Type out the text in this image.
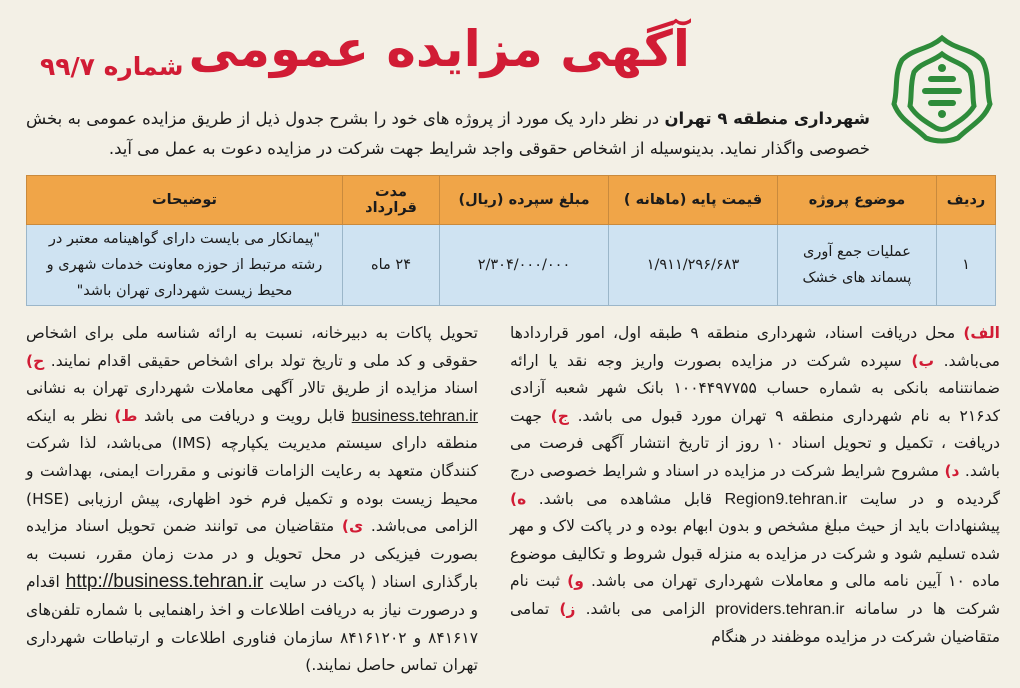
آگهی مزایده عمومی
شماره ۹۹/۷
شهرداری منطقه ۹ تهران در نظر دارد یک مورد از پروژه های خود را بشرح جدول ذیل از طریق مزایده عمومی به بخش خصوصی واگذار نماید. بدینوسیله از اشخاص حقوقی واجد شرایط جهت شرکت در مزایده دعوت به عمل می آید.
ردیف	موضوع پروژه	قیمت پایه (ماهانه )	مبلغ سپرده (ریال)	مدت قرارداد	توضیحات
۱	عملیات جمع آوری پسماند های خشک	۱/۹۱۱/۲۹۶/۶۸۳	۲/۳۰۴/۰۰۰/۰۰۰	۲۴ ماه	"پیمانکار می بایست دارای گواهینامه معتبر در رشته مرتبط از حوزه معاونت خدمات شهری و محیط زیست شهرداری تهران باشد"

الف) محل دریافت اسناد، شهرداری منطقه ۹ طبقه اول، امور قراردادها می‌باشد. ب) سپرده شرکت در مزایده بصورت واریز وجه نقد یا ارائه ضمانتنامه بانکی به شماره حساب ۱۰۰۴۴۹۷۷۵۵ بانک شهر شعبه آزادی کد۲۱۶ به نام شهرداری منطقه ۹ تهران مورد قبول می باشد. ج) جهت دریافت ، تکمیل و تحویل اسناد ۱۰ روز از تاریخ انتشار آگهی فرصت می باشد. د) مشروح شرایط شرکت در مزایده در اسناد و شرایط خصوصی درج گردیده و در سایت Region9.tehran.ir قابل مشاهده می باشد. ه) پیشنهادات باید از حیث مبلغ مشخص و بدون ابهام بوده و در پاکت لاک و مهر شده تسلیم شود و شرکت در مزایده به منزله قبول شروط و تکالیف موضوع ماده ۱۰ آیین نامه مالی و معاملات شهرداری تهران می باشد. و) ثبت نام شرکت ها در سامانه providers.tehran.ir الزامی می باشد. ز) تمامی متقاضیان شرکت در مزایده موظفند در هنگام

تحویل پاکات به دبیرخانه، نسبت به ارائه شناسه ملی برای اشخاص حقوقی و کد ملی و تاریخ تولد برای اشخاص حقیقی اقدام نمایند. ح) اسناد مزایده از طریق تالار آگهی معاملات شهرداری تهران به نشانی business.tehran.ir قابل رویت و دریافت می باشد ط) نظر به اینکه منطقه دارای سیستم مدیریت یکپارچه (IMS) می‌باشد، لذا شرکت کنندگان متعهد به رعایت الزامات قانونی و مقررات ایمنی، بهداشت و محیط زیست بوده و تکمیل فرم خود اظهاری، پیش ارزیابی (HSE) الزامی می‌باشد. ی) متقاضیان می توانند ضمن تحویل اسناد مزایده بصورت فیزیکی در محل تحویل و در مدت زمان مقرر، نسبت به بارگذاری اسناد ( پاکت در سایت http://business.tehran.ir اقدام و درصورت نیاز به دریافت اطلاعات و اخذ راهنمایی با شماره تلفن‌های ۸۴۱۶۱۷ و ۸۴۱۶۱۲۰۲ سازمان فناوری اطلاعات و ارتباطات شهرداری تهران تماس حاصل نمایند.)
